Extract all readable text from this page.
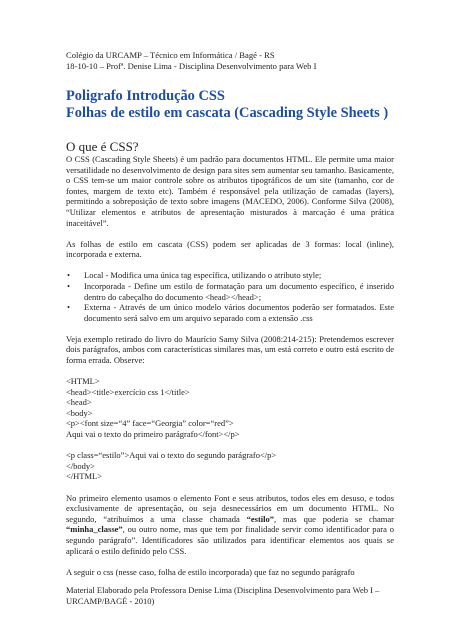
Colégio da URCAMP – Técnico em Informática / Bagé - RS
18-10-10 – Profª. Denise Lima - Disciplina Desenvolvimento para Web I
Poligrafo Introdução CSS
Folhas de estilo em cascata (Cascading Style Sheets )
O que é CSS?

O CSS (Cascading Style Sheets) é um padrão para documentos HTML. Ele permite uma maior versatilidade no desenvolvimento de design para sites sem aumentar seu tamanho. Basicamente, o CSS tem-se um maior controle sobre os atributos tipográficos de um site (tamanho, cor de fontes, margem de texto etc). Também é responsável pela utilização de camadas (layers), permitindo a sobreposição de texto sobre imagens (MACEDO, 2006). Conforme Silva (2008), “Utilizar elementos e atributos de apresentação misturados à marcação é uma prática inaceitável”.

As folhas de estilo em cascata (CSS) podem ser aplicadas de 3 formas: local (inline), incorporada e externa.

• Local - Modifica uma única tag específica, utilizando o atributo style;
• Incorporada - Define um estilo de formatação para um documento específico, é inserido dentro do cabeçalho do documento <head></head>;
• Externa - Através de um único modelo vários documentos poderão ser formatados. Este documento será salvo em um arquivo separado com a extensão .css

Veja exemplo retirado do livro do Maurício Samy Silva (2008:214-215): Pretendemos escrever dois parágrafos, ambos com características similares mas, um está correto e outro está escrito de forma errada. Observe:

<HTML>
<head><title>exercício css 1</title>
<head>
<body>
<p><font size=“4” face=“Georgia” color=“red”>
Aqui vai o texto do primeiro parágrafo</font></p>
<p class=“estilo”>Aqui vai o texto do segundo parágrafo</p>
</body>
</HTML>

No primeiro elemento usamos o elemento Font e seus atributos, todos eles em desuso, e todos exclusivamente de apresentação, ou seja desnecessários em um documento HTML. No segundo, “atribuímos a uma classe chamada “estilo”, mas que poderia se chamar “minha_classe”, ou outro nome, mas que tem por finalidade servir como identificador para o segundo parágrafo”. Identificadores são utilizados para identificar elementos aos quais se aplicará o estilo definido pelo CSS.

A seguir o css (nesse caso, folha de estilo incorporada) que faz no segundo parágrafo

Material Elaborado pela Professora Denise Lima (Disciplina Desenvolvimento para Web I – URCAMP/BAGÉ - 2010)
